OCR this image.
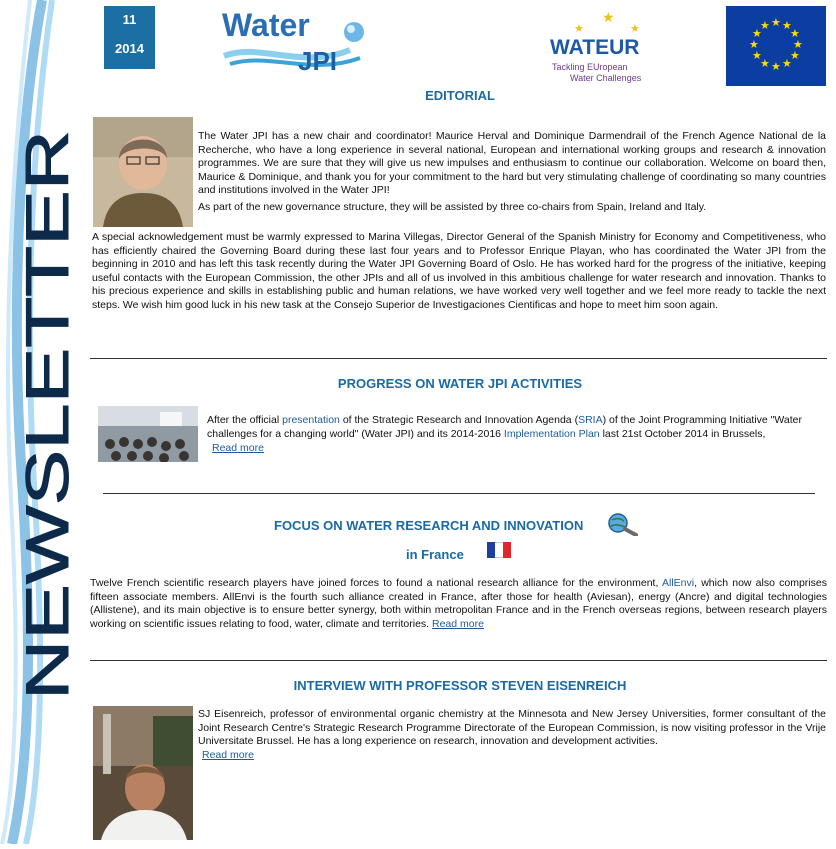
NEWSLETTER
11
2014
Water
JPI
★
★	★
WATEUR
Tackling EUropean
Water Challenges
★ ★
★
★
★
★
★
★
★
★
★
★
EDITORIAL
The Water JPI has a new chair and coordinator! Maurice Herval and Dominique Darmendrail of the French Agence National de la Recherche, who have a long experience in several national, European and international working groups and research & innovation programmes. We are sure that they will give us new impulses and enthusiasm to continue our collaboration. Welcome on board then, Maurice & Dominique, and thank you for your commitment to the hard but very stimulating challenge of coordinating so many countries and institutions involved in the Water JPI!
As part of the new governance structure, they will be assisted by three co-chairs from Spain, Ireland and Italy.
A special acknowledgement must be warmly expressed to Marina Villegas, Director General of the Spanish Ministry for Economy and Competitiveness, who has efficiently chaired the Governing Board during these last four years and to Professor Enrique Playan, who has coordinated the Water JPI from the beginning in 2010 and has left this task recently during the Water JPI Governing Board of Oslo. He has worked hard for the progress of the initiative, keeping useful contacts with the European Commission, the other JPIs and all of us involved in this ambitious challenge for water research and innovation. Thanks to his precious experience and skills in establishing public and human relations, we have worked very well together and we feel more ready to tackle the next steps. We wish him good luck in his new task at the Consejo Superior de Investigaciones Cientificas and hope to meet him soon again.
PROGRESS ON WATER JPI ACTIVITIES
After the official presentation of the Strategic Research and Innovation Agenda (SRIA) of the Joint Programming Initiative "Water challenges for a changing world" (Water JPI) and its 2014-2016 Implementation Plan last 21st October 2014 in Brussels,
Read more
FOCUS ON WATER RESEARCH AND INNOVATION
in France
Twelve French scientific research players have joined forces to found a national research alliance for the environment, AllEnvi, which now also comprises fifteen associate members. AllEnvi is the fourth such alliance created in France, after those for health (Aviesan), energy (Ancre) and digital technologies (Allistene), and its main objective is to ensure better synergy, both within metropolitan France and in the French overseas regions, between research players working on scientific issues relating to food, water, climate and territories. Read more
INTERVIEW WITH PROFESSOR STEVEN EISENREICH
SJ Eisenreich, professor of environmental organic chemistry at the Minnesota and New Jersey Universities, former consultant of the Joint Research Centre's Strategic Research Programme Directorate of the European Commission, is now visiting professor in the Vrije Universitate Brussel. He has a long experience on research, innovation and development activities.
Read more
